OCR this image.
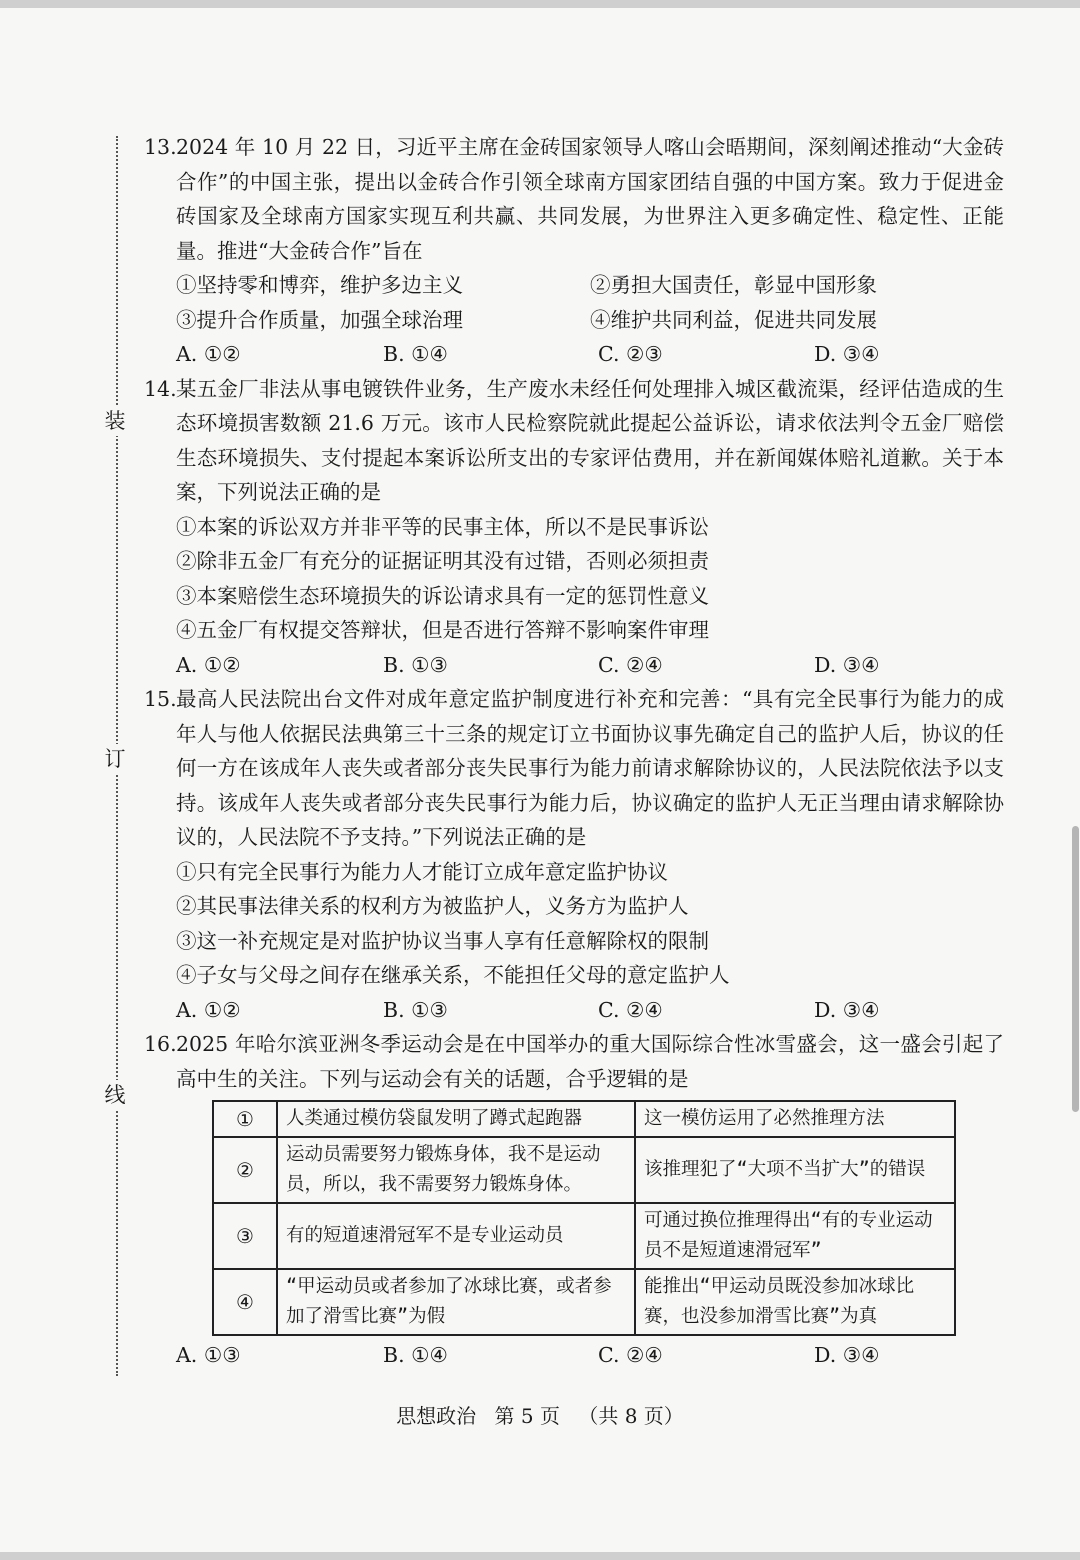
装
订
线
13. 2024 年 10 月 22 日，习近平主席在金砖国家领导人喀山会晤期间，深刻阐述推动“大金砖合作”的中国主张，提出以金砖合作引领全球南方国家团结自强的中国方案。致力于促进金砖国家及全球南方国家实现互利共赢、共同发展，为世界注入更多确定性、稳定性、正能量。推进“大金砖合作”旨在
①坚持零和博弈，维护多边主义	②勇担大国责任，彰显中国形象
③提升合作质量，加强全球治理	④维护共同利益，促进共同发展
A. ①②	B. ①④	C. ②③	D. ③④
14. 某五金厂非法从事电镀铁件业务，生产废水未经任何处理排入城区截流渠，经评估造成的生态环境损害数额 21.6 万元。该市人民检察院就此提起公益诉讼，请求依法判令五金厂赔偿生态环境损失、支付提起本案诉讼所支出的专家评估费用，并在新闻媒体赔礼道歉。关于本案，下列说法正确的是
①本案的诉讼双方并非平等的民事主体，所以不是民事诉讼
②除非五金厂有充分的证据证明其没有过错，否则必须担责
③本案赔偿生态环境损失的诉讼请求具有一定的惩罚性意义
④五金厂有权提交答辩状，但是否进行答辩不影响案件审理
A. ①②	B. ①③	C. ②④	D. ③④
15. 最高人民法院出台文件对成年意定监护制度进行补充和完善：“具有完全民事行为能力的成年人与他人依据民法典第三十三条的规定订立书面协议事先确定自己的监护人后，协议的任何一方在该成年人丧失或者部分丧失民事行为能力前请求解除协议的，人民法院依法予以支持。该成年人丧失或者部分丧失民事行为能力后，协议确定的监护人无正当理由请求解除协议的，人民法院不予支持。”下列说法正确的是
①只有完全民事行为能力人才能订立成年意定监护协议
②其民事法律关系的权利方为被监护人，义务方为监护人
③这一补充规定是对监护协议当事人享有任意解除权的限制
④子女与父母之间存在继承关系，不能担任父母的意定监护人
A. ①②	B. ①③	C. ②④	D. ③④
16. 2025 年哈尔滨亚洲冬季运动会是在中国举办的重大国际综合性冰雪盛会，这一盛会引起了高中生的关注。下列与运动会有关的话题，合乎逻辑的是
①	人类通过模仿袋鼠发明了蹲式起跑器	这一模仿运用了必然推理方法
②	运动员需要努力锻炼身体，我不是运动员，所以，我不需要努力锻炼身体。	该推理犯了“大项不当扩大”的错误
③	有的短道速滑冠军不是专业运动员	可通过换位推理得出“有的专业运动员不是短道速滑冠军”
④	“甲运动员或者参加了冰球比赛，或者参加了滑雪比赛”为假	能推出“甲运动员既没参加冰球比赛，也没参加滑雪比赛”为真
A. ①③	B. ①④	C. ②④	D. ③④
思想政治 第 5 页 （共 8 页）
